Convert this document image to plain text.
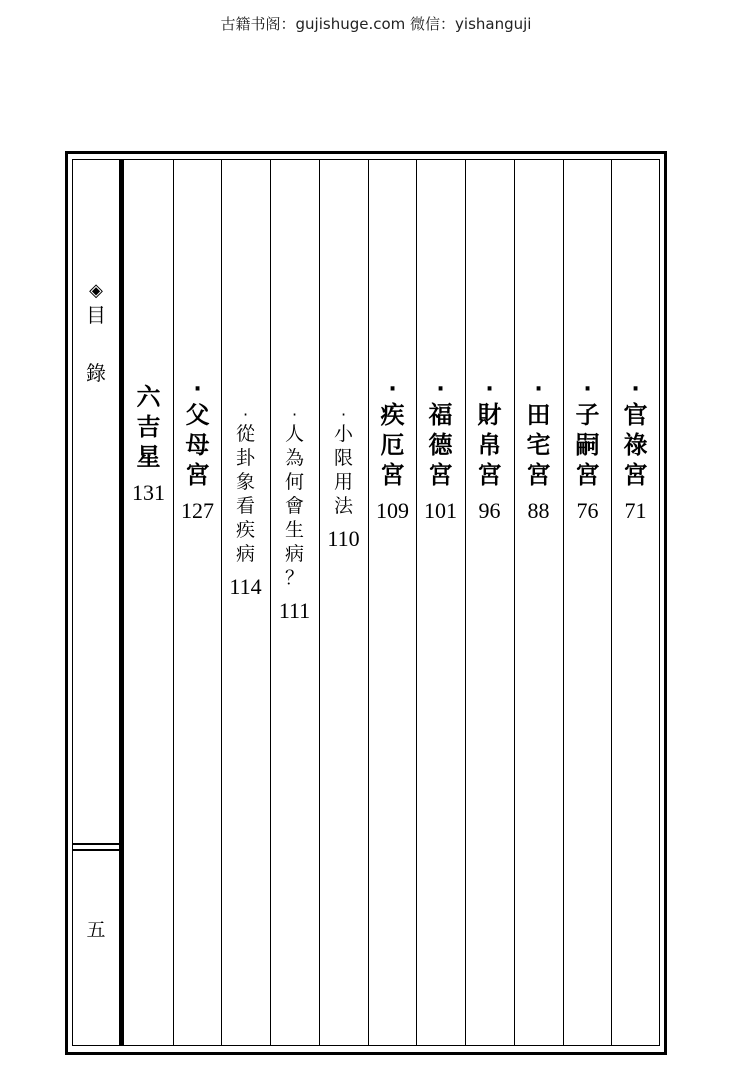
古籍书阁：gujishuge.com 微信：yishanguji
◈
目
錄
五
六
吉
星
131
·
父
母
宮
127
·
從
卦
象
看
疾
病
114
·
人
為
何
會
生
病
？
111
·
小
限
用
法
110
·
疾
厄
宮
109
·
福
德
宮
101
·
財
帛
宮
96
·
田
宅
宮
88
·
子
嗣
宮
76
·
官
祿
宮
71
